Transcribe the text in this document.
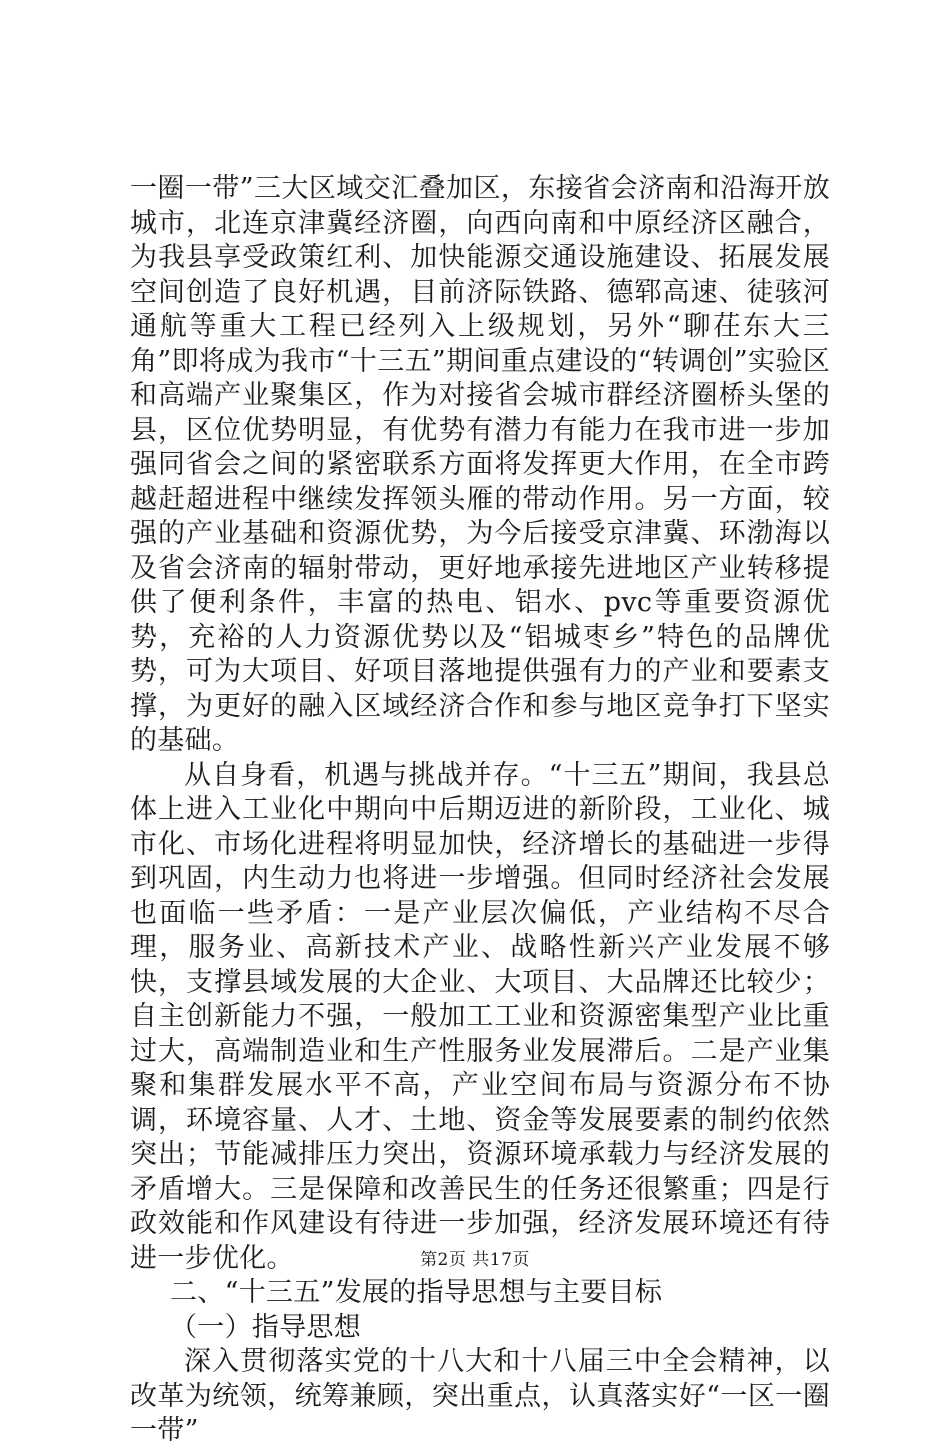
一圈一带”三大区域交汇叠加区，东接省会济南和沿海开放城市，北连京津冀经济圈，向西向南和中原经济区融合，为我县享受政策红利、加快能源交通设施建设、拓展发展空间创造了良好机遇，目前济际铁路、德郓高速、徒骇河通航等重大工程已经列入上级规划，另外“聊茌东大三角”即将成为我市“十三五”期间重点建设的“转调创”实验区和高端产业聚集区，作为对接省会城市群经济圈桥头堡的县，区位优势明显，有优势有潜力有能力在我市进一步加强同省会之间的紧密联系方面将发挥更大作用，在全市跨越赶超进程中继续发挥领头雁的带动作用。另一方面，较强的产业基础和资源优势，为今后接受京津冀、环渤海以及省会济南的辐射带动，更好地承接先进地区产业转移提供了便利条件，丰富的热电、铝水、pvc等重要资源优势，充裕的人力资源优势以及“铝城枣乡”特色的品牌优势，可为大项目、好项目落地提供强有力的产业和要素支撑，为更好的融入区域经济合作和参与地区竞争打下坚实的基础。

从自身看，机遇与挑战并存。“十三五”期间，我县总体上进入工业化中期向中后期迈进的新阶段，工业化、城市化、市场化进程将明显加快，经济增长的基础进一步得到巩固，内生动力也将进一步增强。但同时经济社会发展也面临一些矛盾：一是产业层次偏低，产业结构不尽合理，服务业、高新技术产业、战略性新兴产业发展不够快，支撑县域发展的大企业、大项目、大品牌还比较少；自主创新能力不强，一般加工工业和资源密集型产业比重过大，高端制造业和生产性服务业发展滞后。二是产业集聚和集群发展水平不高，产业空间布局与资源分布不协调，环境容量、人才、土地、资金等发展要素的制约依然突出；节能减排压力突出，资源环境承载力与经济发展的矛盾增大。三是保障和改善民生的任务还很繁重；四是行政效能和作风建设有待进一步加强，经济发展环境还有待进一步优化。

二、“十三五”发展的指导思想与主要目标

（一）指导思想

深入贯彻落实党的十八大和十八届三中全会精神，以改革为统领，统筹兼顾，突出重点，认真落实好“一区一圈一带”

第2页 共17页
